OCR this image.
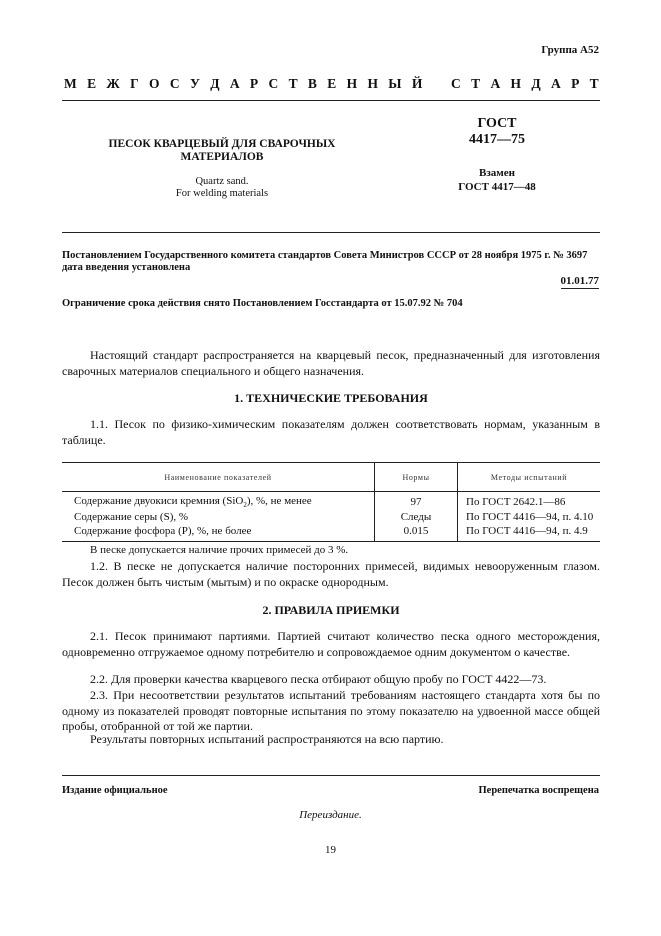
Группа А52
М Е Ж Г О С У Д А Р С Т В Е Н Н Ы Й С Т А Н Д А Р Т
ПЕСОК КВАРЦЕВЫЙ ДЛЯ СВАРОЧНЫХ
МАТЕРИАЛОВ
Quartz sand.
For welding materials
ГОСТ
4417—75
Взамен
ГОСТ 4417—48
Постановлением Государственного комитета стандартов Совета Министров СССР от 28 ноября 1975 г. № 3697
дата введения установлена
01.01.77
Ограничение срока действия снято Постановлением Госстандарта от 15.07.92 № 704
Настоящий стандарт распространяется на кварцевый песок, предназначенный для изготовления сварочных материалов специального и общего назначения.
1. ТЕХНИЧЕСКИЕ ТРЕБОВАНИЯ
1.1. Песок по физико-химическим показателям должен соответствовать нормам, указанным в таблице.
Наименование показателей	Нормы	Методы испытаний
Содержание двуокиси кремния (SiO$_2$), %, не менее	97	По ГОСТ 2642.1—86
Содержание серы (S), %	Следы	По ГОСТ 4416—94, п. 4.10
Содержание фосфора (Р), %, не более	0.015	По ГОСТ 4416—94, п. 4.9
В песке допускается наличие прочих примесей до 3 %.
1.2. В песке не допускается наличие посторонних примесей, видимых невооруженным глазом. Песок должен быть чистым (мытым) и по окраске однородным.
2. ПРАВИЛА ПРИЕМКИ
2.1. Песок принимают партиями. Партией считают количество песка одного месторождения, одновременно отгружаемое одному потребителю и сопровождаемое одним документом о качестве.
2.2. Для проверки качества кварцевого песка отбирают общую пробу по ГОСТ 4422—73.
2.3. При несоответствии результатов испытаний требованиям настоящего стандарта хотя бы по одному из показателей проводят повторные испытания по этому показателю на удвоенной массе общей пробы, отобранной от той же партии.
Результаты повторных испытаний распространяются на всю партию.
Издание официальное	Перепечатка воспрещена
Переиздание.
19
